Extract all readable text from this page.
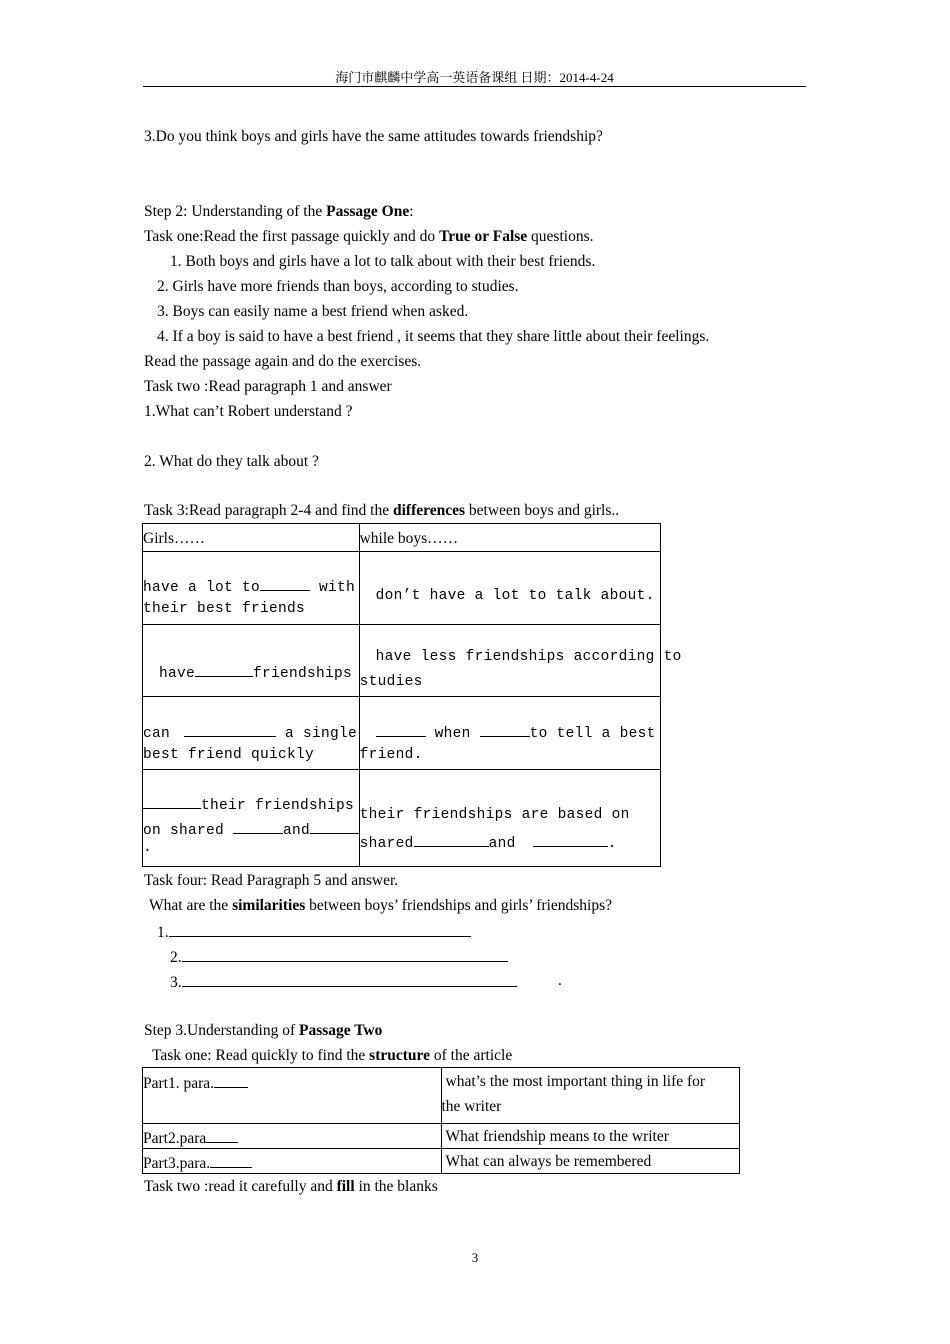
海门市麒麟中学高一英语备课组 日期：2014-4-24
3.Do you think boys and girls have the same attitudes towards friendship?
Step 2: Understanding of the Passage One:
Task one:Read the first passage quickly and do True or False questions.
1. Both boys and girls have a lot to talk about with their best friends.
2. Girls have more friends than boys, according to studies.
3. Boys can easily name a best friend when asked.
4. If a boy is said to have a best friend , it seems that they share little about their feelings.
Read the passage again and do the exercises.
Task two :Read paragraph 1 and answer
1.What can’t Robert understand ?
2. What do they talk about ?
Task 3:Read paragraph 2-4 and find the differences between boys and girls..
Girls……	while boys……

have a lot to with
their best friends	don’t have a lot to talk about.

have friendships	have less friendships according to
studies

can a single
best friend quickly	when to tell a best
friend.

their friendships
on shared and
.	their friendships are based on
shared and .
Task four: Read Paragraph 5 and answer.
What are the similarities between boys’ friendships and girls’ friendships?
1.
2.
3.	.
Step 3.Understanding of Passage Two
Task one: Read quickly to find the structure of the article
Part1. para.	what’s the most important thing in life for
the writer

Part2.para	What friendship means to the writer

Part3.para.	What can always be remembered
Task two :read it carefully and fill in the blanks
3
